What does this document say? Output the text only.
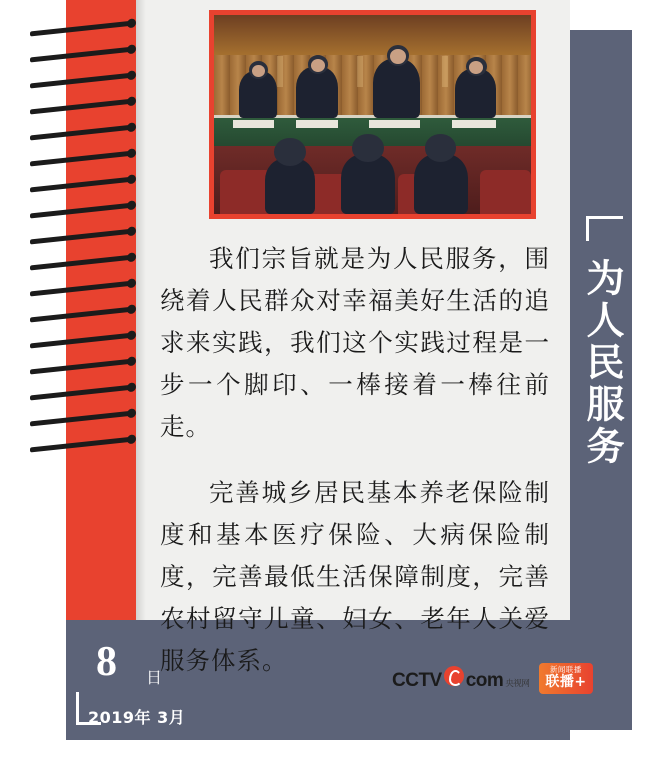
我们宗旨就是为人民服务，围绕着人民群众对幸福美好生活的追求来实践，我们这个实践过程是一步一个脚印、一棒接着一棒往前走。

完善城乡居民基本养老保险制度和基本医疗保险、大病保险制度，完善最低生活保障制度，完善农村留守儿童、妇女、老年人关爱服务体系。

为人民服务
8 日
2019年 3月
CCTV com 央视网
新闻联播
联播+
